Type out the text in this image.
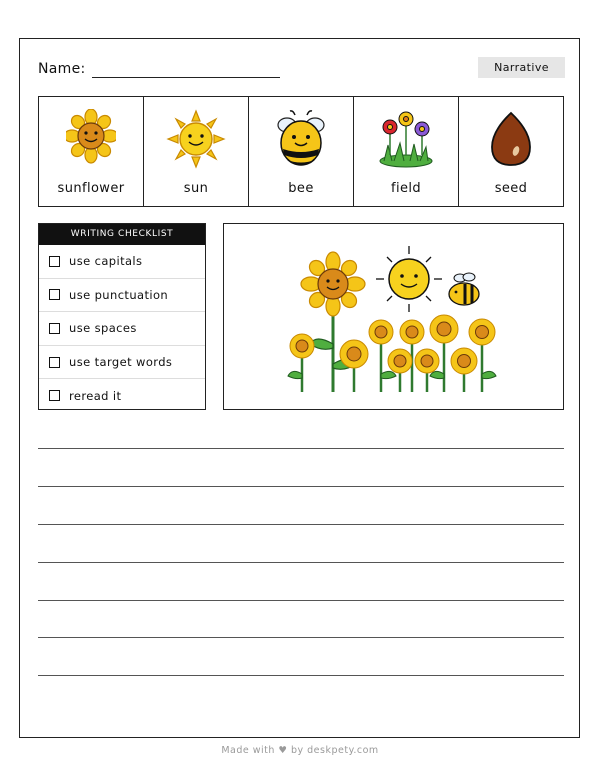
Name:	Narrative
sunflower	sun	bee	field	seed
WRITING CHECKLIST
use capitals
use punctuation
use spaces
use target words
reread it
Made with ♥ by deskpety.com
